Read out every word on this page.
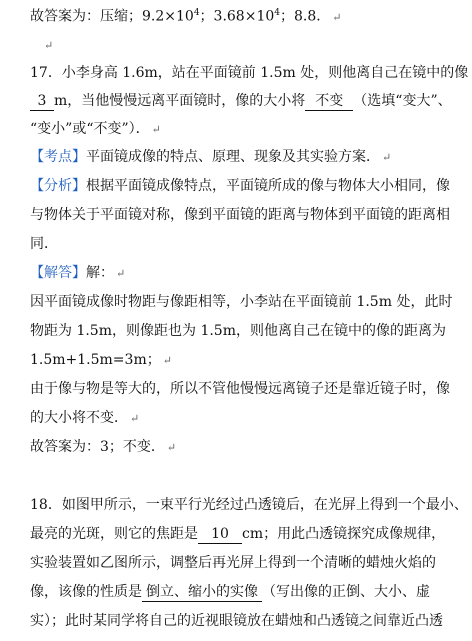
故答案为：压缩；$9.2\times 10^4$；$3.68\times 10^4$；8.8． ↵
↵
17．小李身高 1.6m，站在平面镜前 1.5m 处，则他离自己在镜中的像
3 m，当他慢慢远离平面镜时，像的大小将 不变 （选填“变大”、
“变小”或“不变”）． ↵
【考点】平面镜成像的特点、原理、现象及其实验方案． ↵
【分析】根据平面镜成像特点，平面镜所成的像与物体大小相同，像
与物体关于平面镜对称，像到平面镜的距离与物体到平面镜的距离相
同．
【解答】解： ↵
因平面镜成像时物距与像距相等，小李站在平面镜前 1.5m 处，此时
物距为 1.5m，则像距也为 1.5m，则他离自己在镜中的像的距离为
1.5m+1.5m=3m； ↵
由于像与物是等大的，所以不管他慢慢远离镜子还是靠近镜子时，像
的大小将不变． ↵
故答案为：3；不变． ↵
18．如图甲所示，一束平行光经过凸透镜后，在光屏上得到一个最小、
最亮的光斑，则它的焦距是 10 cm；用此凸透镜探究成像规律，
实验装置如乙图所示，调整后再光屏上得到一个清晰的蜡烛火焰的
像，该像的性质是 倒立、缩小的实像 （写出像的正倒、大小、虚
实）；此时某同学将自己的近视眼镜放在蜡烛和凸透镜之间靠近凸透
